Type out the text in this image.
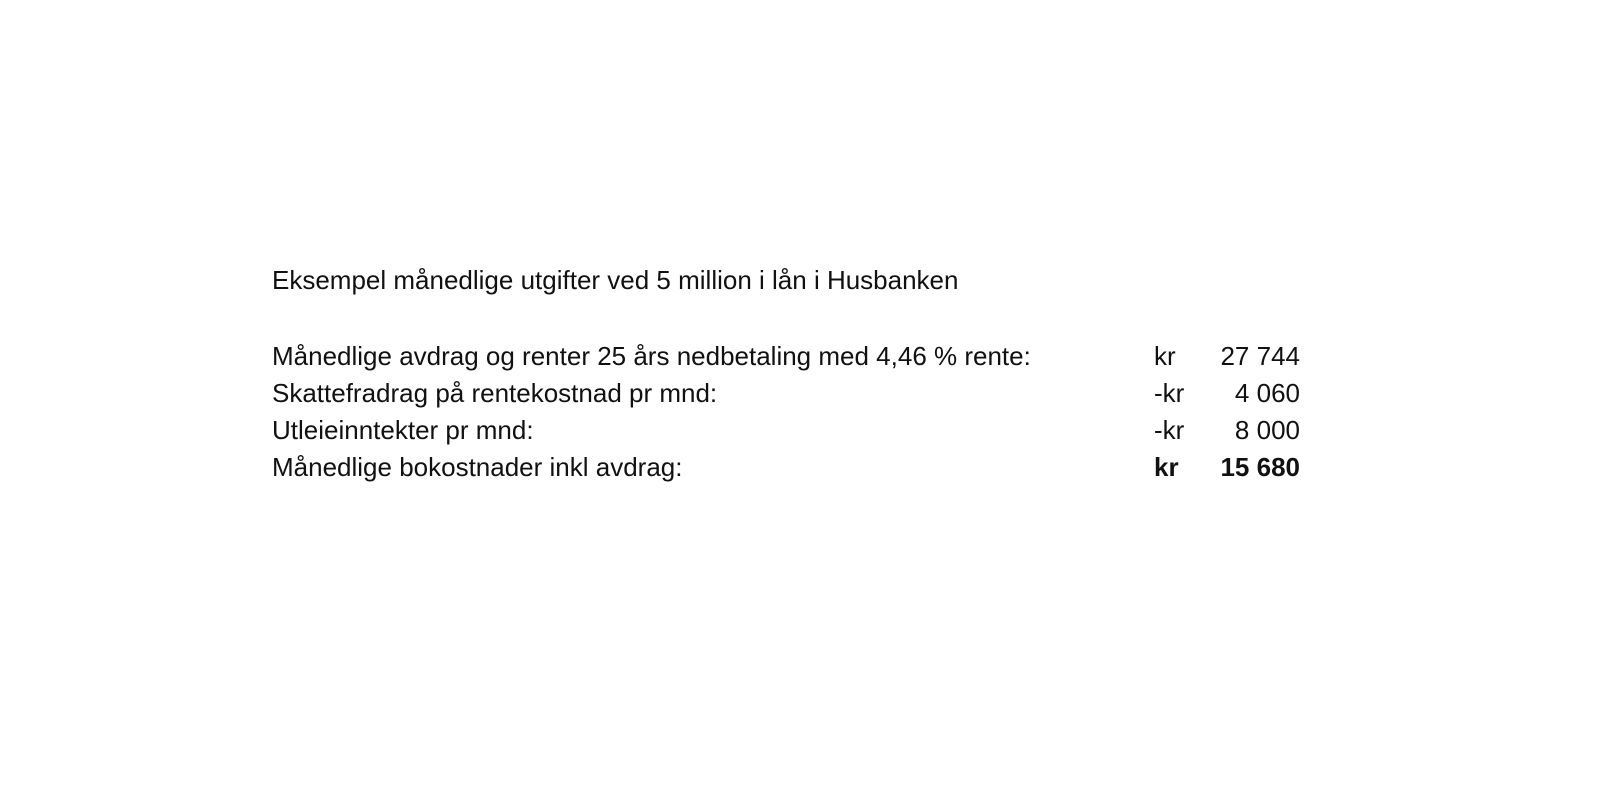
Eksempel månedlige utgifter ved 5 million i lån i Husbanken
Månedlige avdrag og renter 25 års nedbetaling med 4,46 % rente:	kr	27 744
Skattefradrag på rentekostnad pr mnd:	-kr	4 060
Utleieinntekter pr mnd:	-kr	8 000
Månedlige bokostnader inkl avdrag:	kr	15 680
